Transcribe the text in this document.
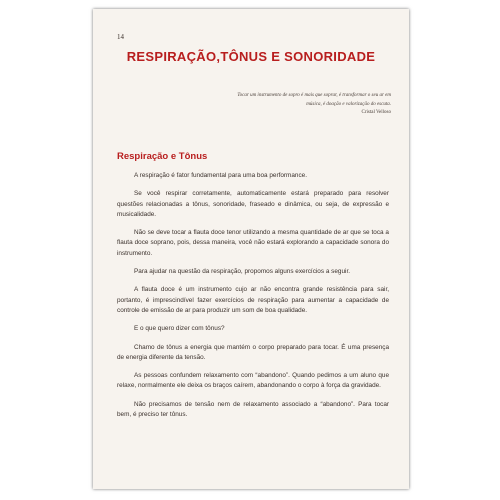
14
RESPIRAÇÃO,TÔNUS E SONORIDADE
Tocar um instrumento de sopro é mais que soprar, é transformar o seu ar em
música, é doação e valorização do escuta.
Cristal Velloso
Respiração e Tônus

A respiração é fator fundamental para uma boa performance.

Se você respirar corretamente, automaticamente estará preparado para resolver questões relacionadas a tônus, sonoridade, fraseado e dinâmica, ou seja, de expressão e musicalidade.

Não se deve tocar a flauta doce tenor utilizando a mesma quantidade de ar que se toca a flauta doce soprano, pois, dessa maneira, você não estará explorando a capacidade sonora do instrumento.

Para ajudar na questão da respiração, propomos alguns exercícios a seguir.

A flauta doce é um instrumento cujo ar não encontra grande resistência para sair, portanto, é imprescindível fazer exercícios de respiração para aumentar a capacidade de controle de emissão de ar para produzir um som de boa qualidade.

E o que quero dizer com tônus?

Chamo de tônus a energia que mantém o corpo preparado para tocar. É uma presença de energia diferente da tensão.

As pessoas confundem relaxamento com “abandono”. Quando pedimos a um aluno que relaxe, normalmente ele deixa os braços caírem, abandonando o corpo à força da gravidade.

Não precisamos de tensão nem de relaxamento associado a “abandono”. Para tocar bem, é preciso ter tônus.
